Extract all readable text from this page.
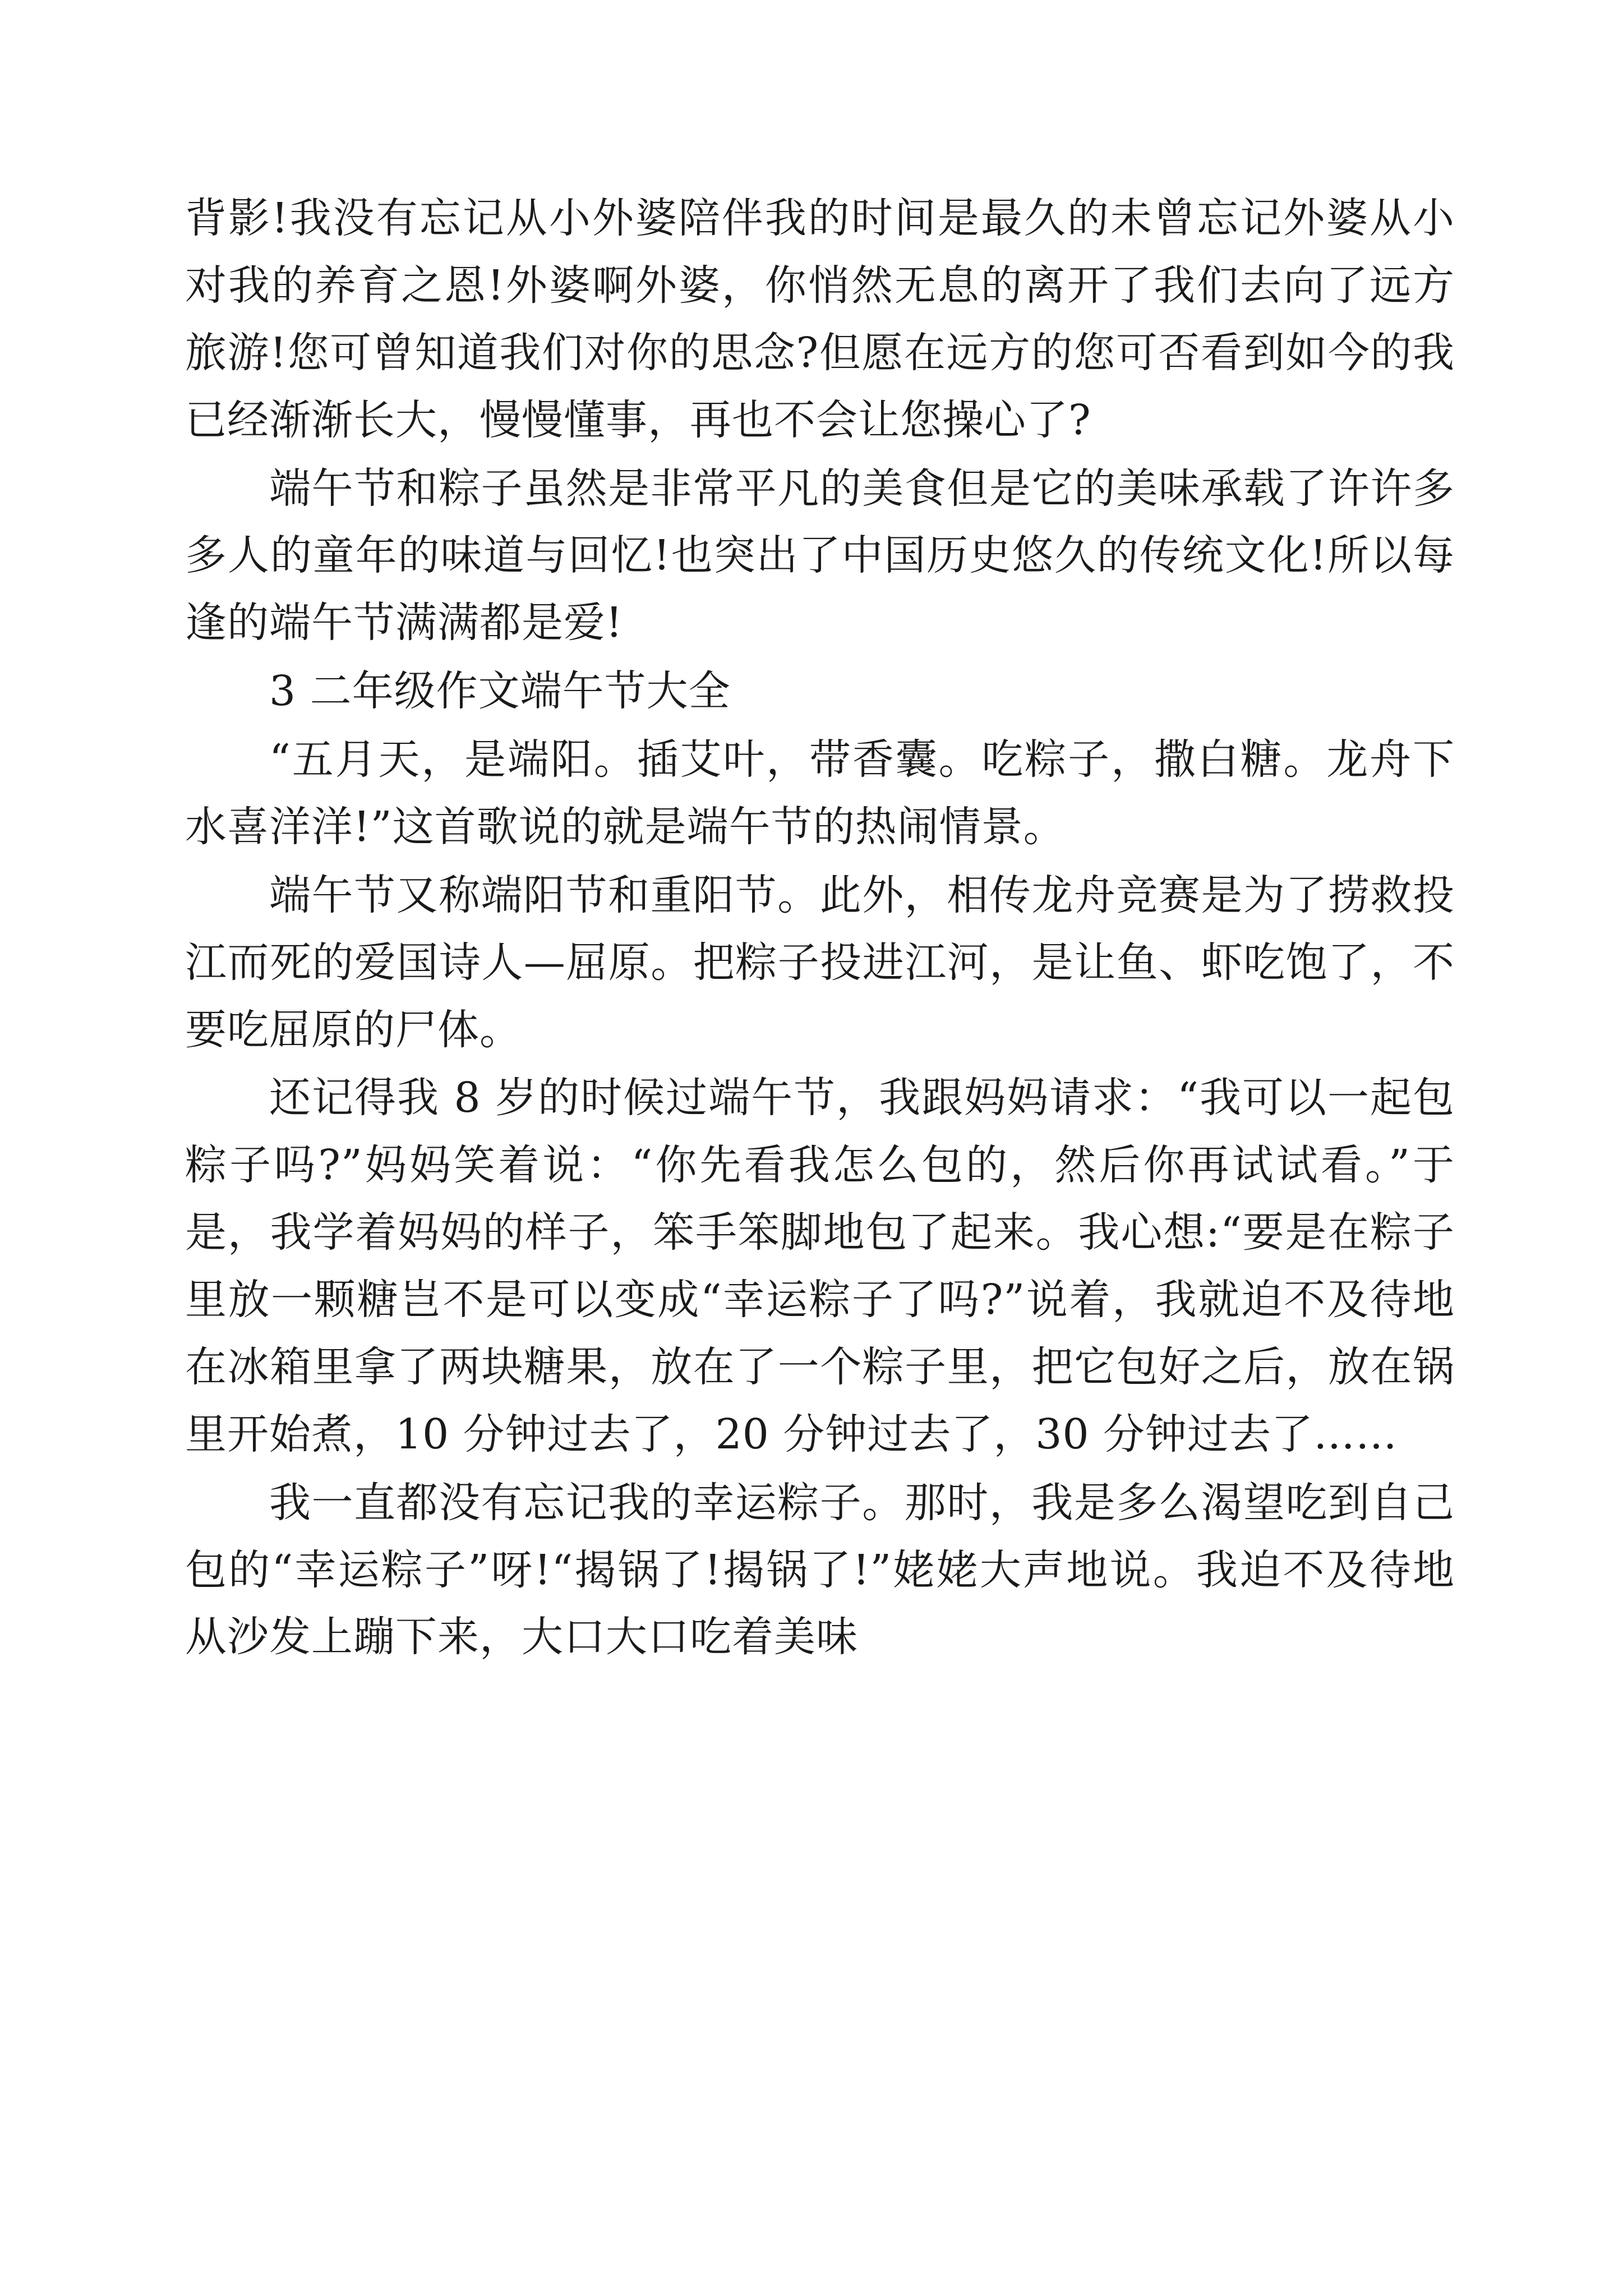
背影!我没有忘记从小外婆陪伴我的时间是最久的未曾忘记外婆从小对我的养育之恩!外婆啊外婆，你悄然无息的离开了我们去向了远方旅游!您可曾知道我们对你的思念?但愿在远方的您可否看到如今的我已经渐渐长大，慢慢懂事，再也不会让您操心了?

端午节和粽子虽然是非常平凡的美食但是它的美味承载了许许多多人的童年的味道与回忆!也突出了中国历史悠久的传统文化!所以每逢的端午节满满都是爱!

3 二年级作文端午节大全

“五月天，是端阳。插艾叶，带香囊。吃粽子，撒白糖。龙舟下水喜洋洋!”这首歌说的就是端午节的热闹情景。

端午节又称端阳节和重阳节。此外，相传龙舟竞赛是为了捞救投江而死的爱国诗人—屈原。把粽子投进江河，是让鱼、虾吃饱了，不要吃屈原的尸体。

还记得我 8 岁的时候过端午节，我跟妈妈请求：“我可以一起包粽子吗?”妈妈笑着说：“你先看我怎么包的，然后你再试试看。”于是，我学着妈妈的样子，笨手笨脚地包了起来。我心想:“要是在粽子里放一颗糖岂不是可以变成“幸运粽子了吗?”说着，我就迫不及待地在冰箱里拿了两块糖果，放在了一个粽子里，把它包好之后，放在锅里开始煮，10 分钟过去了，20 分钟过去了，30 分钟过去了……

我一直都没有忘记我的幸运粽子。那时，我是多么渴望吃到自己包的“幸运粽子”呀!“揭锅了!揭锅了!”姥姥大声地说。我迫不及待地从沙发上蹦下来，大口大口吃着美味
